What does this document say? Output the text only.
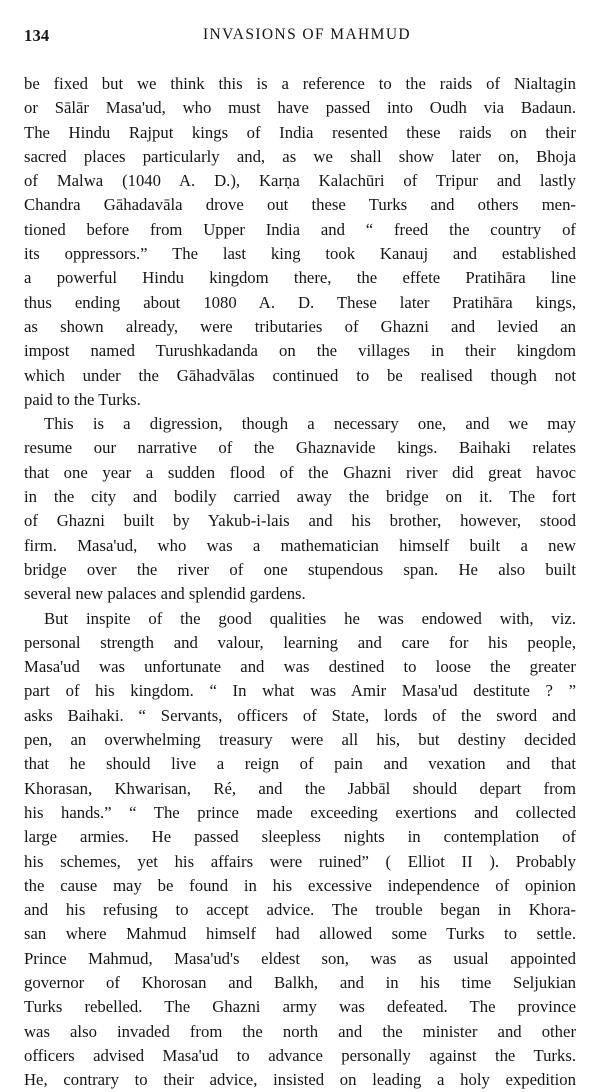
134	INVASIONS OF MAHMUD

be fixed but we think this is a reference to the raids of Nialtagin
or Sālār Masa'ud, who must have passed into Oudh via Badaun.
The Hindu Rajput kings of India resented these raids on their
sacred places particularly and, as we shall show later on, Bhoja
of Malwa (1040 A. D.), Karṇa Kalachūri of Tripur and lastly
Chandra Gāhadavāla drove out these Turks and others men-
tioned before from Upper India and “ freed the country of
its oppressors.” The last king took Kanauj and established
a powerful Hindu kingdom there, the effete Pratihāra line
thus ending about 1080 A. D. These later Pratihāra kings,
as shown already, were tributaries of Ghazni and levied an
impost named Turushkadanda on the villages in their kingdom
which under the Gāhadvālas continued to be realised though not
paid to the Turks.

This is a digression, though a necessary one, and we may
resume our narrative of the Ghaznavide kings. Baihaki relates
that one year a sudden flood of the Ghazni river did great havoc
in the city and bodily carried away the bridge on it. The fort
of Ghazni built by Yakub-i-lais and his brother, however, stood
firm. Masa'ud, who was a mathematician himself built a new
bridge over the river of one stupendous span. He also built
several new palaces and splendid gardens.

But inspite of the good qualities he was endowed with, viz.
personal strength and valour, learning and care for his people,
Masa'ud was unfortunate and was destined to loose the greater
part of his kingdom. “ In what was Amir Masa'ud destitute ? ”
asks Baihaki. “ Servants, officers of State, lords of the sword and
pen, an overwhelming treasury were all his, but destiny decided
that he should live a reign of pain and vexation and that
Khorasan, Khwarisan, Ré, and the Jabbāl should depart from
his hands.” “ The prince made exceeding exertions and collected
large armies. He passed sleepless nights in contemplation of
his schemes, yet his affairs were ruined” ( Elliot II ). Probably
the cause may be found in his excessive independence of opinion
and his refusing to accept advice. The trouble began in Khora-
san where Mahmud himself had allowed some Turks to settle.
Prince Mahmud, Masa'ud's eldest son, was as usual appointed
governor of Khorosan and Balkh, and in his time Seljukian
Turks rebelled. The Ghazni army was defeated. The province
was also invaded from the north and the minister and other
officers advised Masa'ud to advance personally against the Turks.
He, contrary to their advice, insisted on leading a holy expedition
